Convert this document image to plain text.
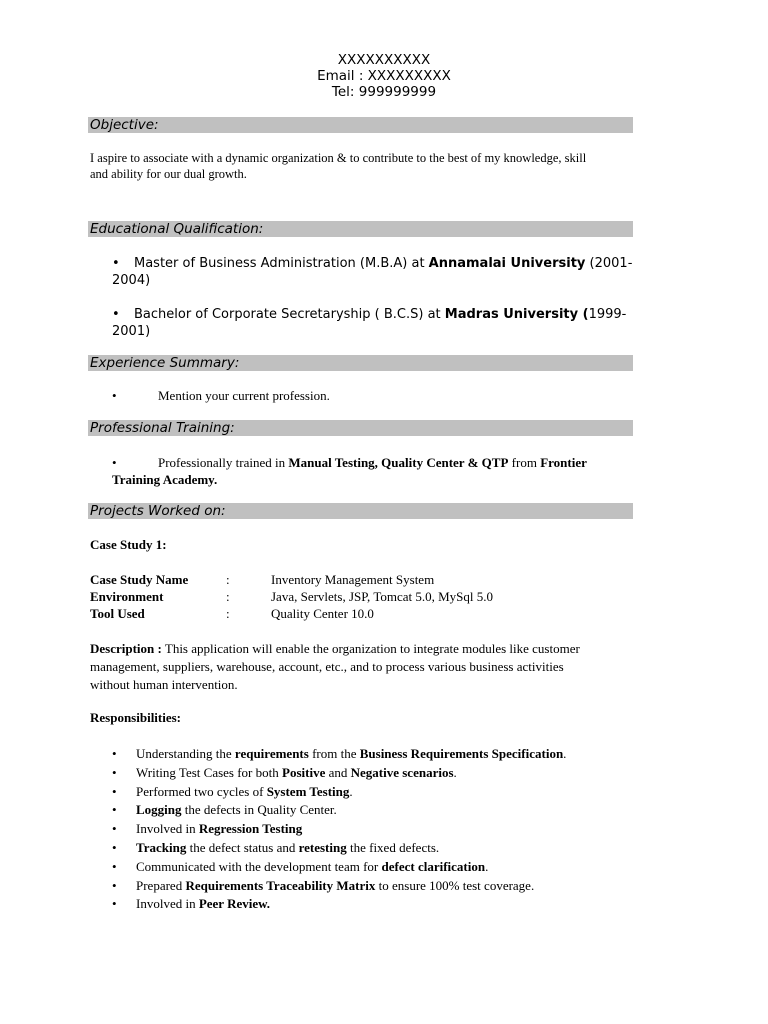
XXXXXXXXXX
Email : XXXXXXXXX
Tel: 999999999
Objective:
I aspire to associate with a dynamic organization & to contribute to the best of my knowledge, skill
and ability for our dual growth.
Educational Qualification:
• Master of Business Administration (M.B.A) at Annamalai University (2001-
2004)
• Bachelor of Corporate Secretaryship ( B.C.S) at Madras University (1999-
2001)
Experience Summary:
•	Mention your current profession.
Professional Training:
•	Professionally trained in Manual Testing, Quality Center & QTP from Frontier
Training Academy.
Projects Worked on:
Case Study 1:
Case Study Name	:	Inventory Management System
Environment	:	Java, Servlets, JSP, Tomcat 5.0, MySql 5.0
Tool Used	:	Quality Center 10.0
Description : This application will enable the organization to integrate modules like customer
management, suppliers, warehouse, account, etc., and to process various business activities
without human intervention.
Responsibilities:
• Understanding the requirements from the Business Requirements Specification.
• Writing Test Cases for both Positive and Negative scenarios.
• Performed two cycles of System Testing.
• Logging the defects in Quality Center.
• Involved in Regression Testing
• Tracking the defect status and retesting the fixed defects.
• Communicated with the development team for defect clarification.
• Prepared Requirements Traceability Matrix to ensure 100% test coverage.
• Involved in Peer Review.
